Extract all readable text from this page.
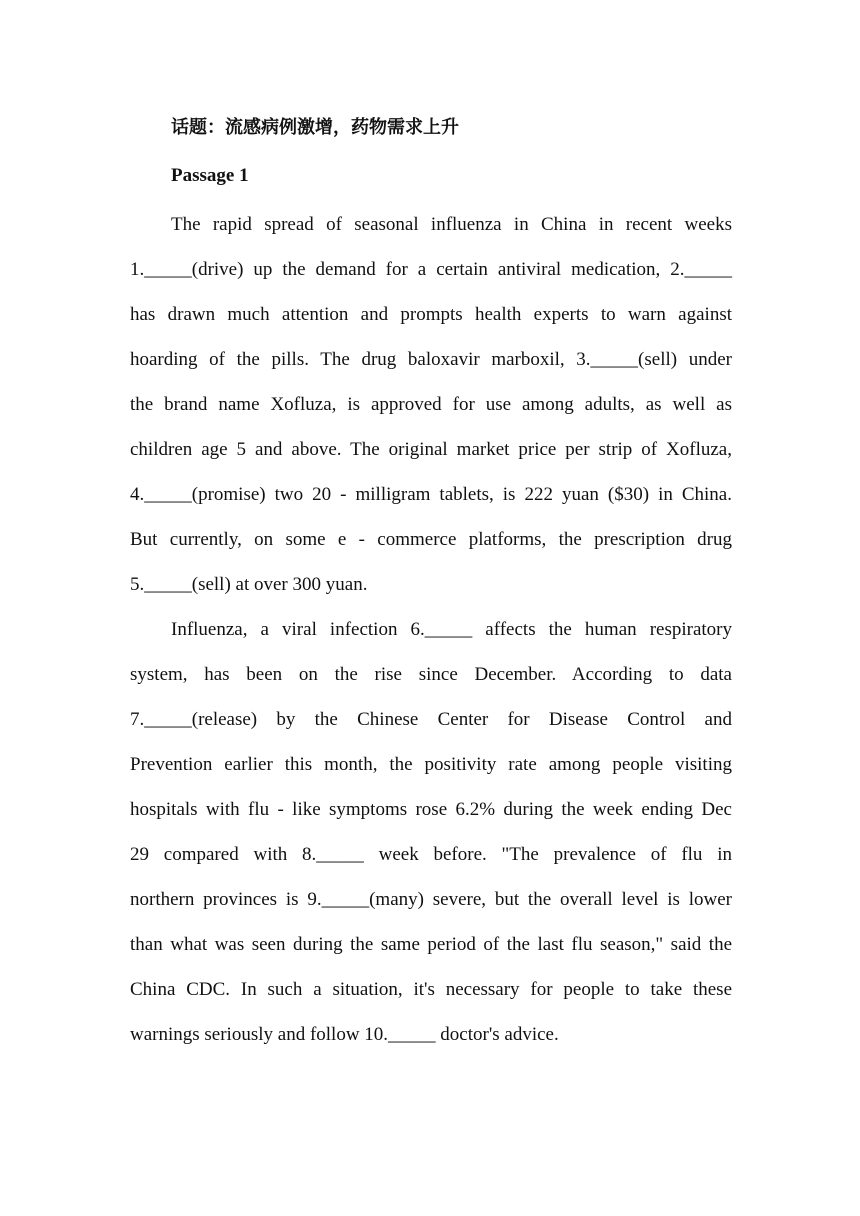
话题：流感病例激增，药物需求上升
Passage 1
The rapid spread of seasonal influenza in China in recent weeks
1._____(drive) up the demand for a certain antiviral medication, 2._____
has drawn much attention and prompts health experts to warn against
hoarding of the pills. The drug baloxavir marboxil, 3._____(sell) under
the brand name Xofluza, is approved for use among adults, as well as
children age 5 and above. The original market price per strip of Xofluza,
4._____(promise) two 20 - milligram tablets, is 222 yuan ($30) in China.
But currently, on some e - commerce platforms, the prescription drug
5._____(sell) at over 300 yuan.
Influenza, a viral infection 6._____ affects the human respiratory
system, has been on the rise since December. According to data
7._____(release) by the Chinese Center for Disease Control and
Prevention earlier this month, the positivity rate among people visiting
hospitals with flu - like symptoms rose 6.2% during the week ending Dec
29 compared with 8._____ week before. "The prevalence of flu in
northern provinces is 9._____(many) severe, but the overall level is lower
than what was seen during the same period of the last flu season," said the
China CDC. In such a situation, it's necessary for people to take these
warnings seriously and follow 10._____ doctor's advice.
